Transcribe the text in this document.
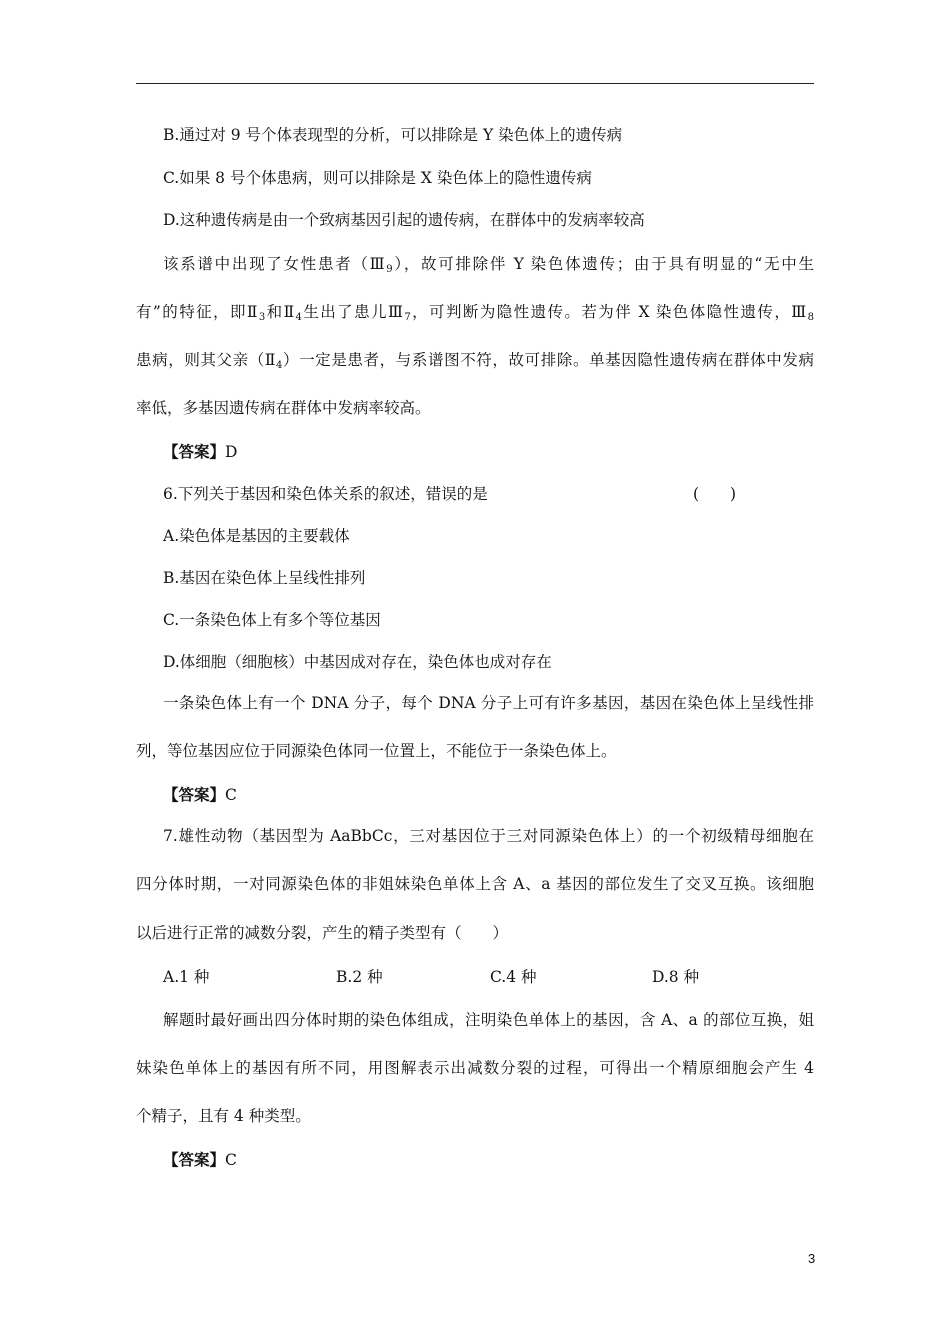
B.通过对 9 号个体表现型的分析，可以排除是 Y 染色体上的遗传病
C.如果 8 号个体患病，则可以排除是 X 染色体上的隐性遗传病
D.这种遗传病是由一个致病基因引起的遗传病，在群体中的发病率较高
该系谱中出现了女性患者$(Ⅲ_9)$，故可排除伴 Y 染色体遗传；由于具有明显的“无中生
有”的特征，即$Ⅱ_3$和$Ⅱ_4$生出了患儿$Ⅲ_7$，可判断为隐性遗传。若为伴 X 染色体隐性遗传，$Ⅲ_8$
患病，则其父亲$(Ⅱ_4)$一定是患者，与系谱图不符，故可排除。单基因隐性遗传病在群体中发病
率低，多基因遗传病在群体中发病率较高。
【答案】D
6.下列关于基因和染色体关系的叙述，错误的是	(　　)
A.染色体是基因的主要载体
B.基因在染色体上呈线性排列
C.一条染色体上有多个等位基因
D.体细胞（细胞核）中基因成对存在，染色体也成对存在
一条染色体上有一个 DNA 分子，每个 DNA 分子上可有许多基因，基因在染色体上呈线性排
列，等位基因应位于同源染色体同一位置上，不能位于一条染色体上。
【答案】C
7.雄性动物（基因型为 AaBbCc，三对基因位于三对同源染色体上）的一个初级精母细胞在
四分体时期，一对同源染色体的非姐妹染色单体上含 A、a 基因的部位发生了交叉互换。该细胞
以后进行正常的减数分裂，产生的精子类型有（　　）
A.1 种	B.2 种	C.4 种	D.8 种
解题时最好画出四分体时期的染色体组成，注明染色单体上的基因，含 A、a 的部位互换，姐
妹染色单体上的基因有所不同，用图解表示出减数分裂的过程，可得出一个精原细胞会产生 4
个精子，且有 4 种类型。
【答案】C
3
